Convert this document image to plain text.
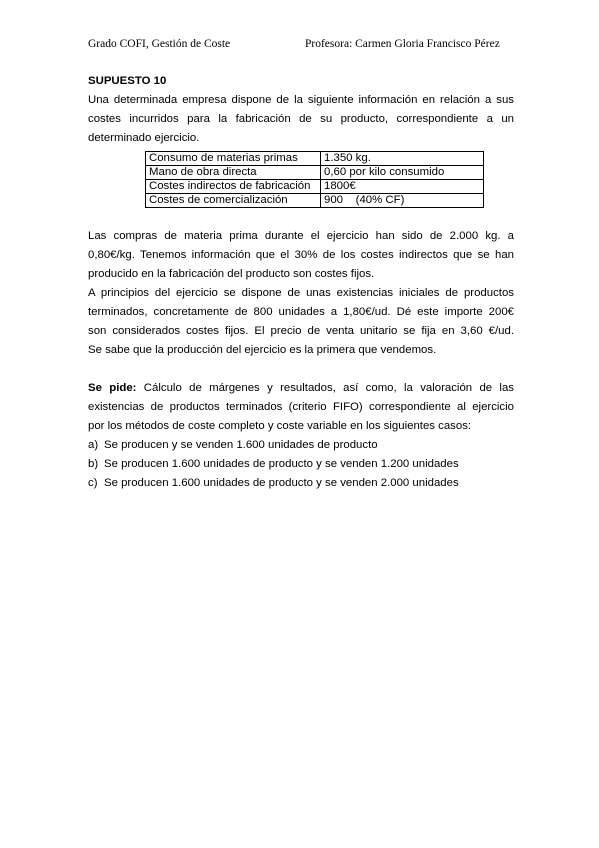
Grado COFI, Gestión de Coste	Profesora: Carmen Gloria Francisco Pérez

SUPUESTO 10

Una determinada empresa dispone de la siguiente información en relación a sus

costes incurridos para la fabricación de su producto, correspondiente a un

determinado ejercicio.

Consumo de materias primas	1.350 kg.
Mano de obra directa	0,60 por kilo consumido
Costes indirectos de fabricación	1800€
Costes de comercialización	900    (40% CF)

Las compras de materia prima durante el ejercicio han sido de 2.000 kg. a

0,80€/kg. Tenemos información que el 30% de los costes indirectos que se han

producido en la fabricación del producto son costes fijos.

A principios del ejercicio se dispone de unas existencias iniciales de productos

terminados, concretamente de 800 unidades a 1,80€/ud. Dé este importe 200€

son considerados costes fijos. El precio de venta unitario se fija en 3,60 €/ud.

Se sabe que la producción del ejercicio es la primera que vendemos.

Se pide: Cálculo de márgenes y resultados, así como, la valoración de las

existencias de productos terminados (criterio FIFO) correspondiente al ejercicio

por los métodos de coste completo y coste variable en los siguientes casos:

a) Se producen y se venden 1.600 unidades de producto
b) Se producen 1.600 unidades de producto y se venden 1.200 unidades
c) Se producen 1.600 unidades de producto y se venden 2.000 unidades
